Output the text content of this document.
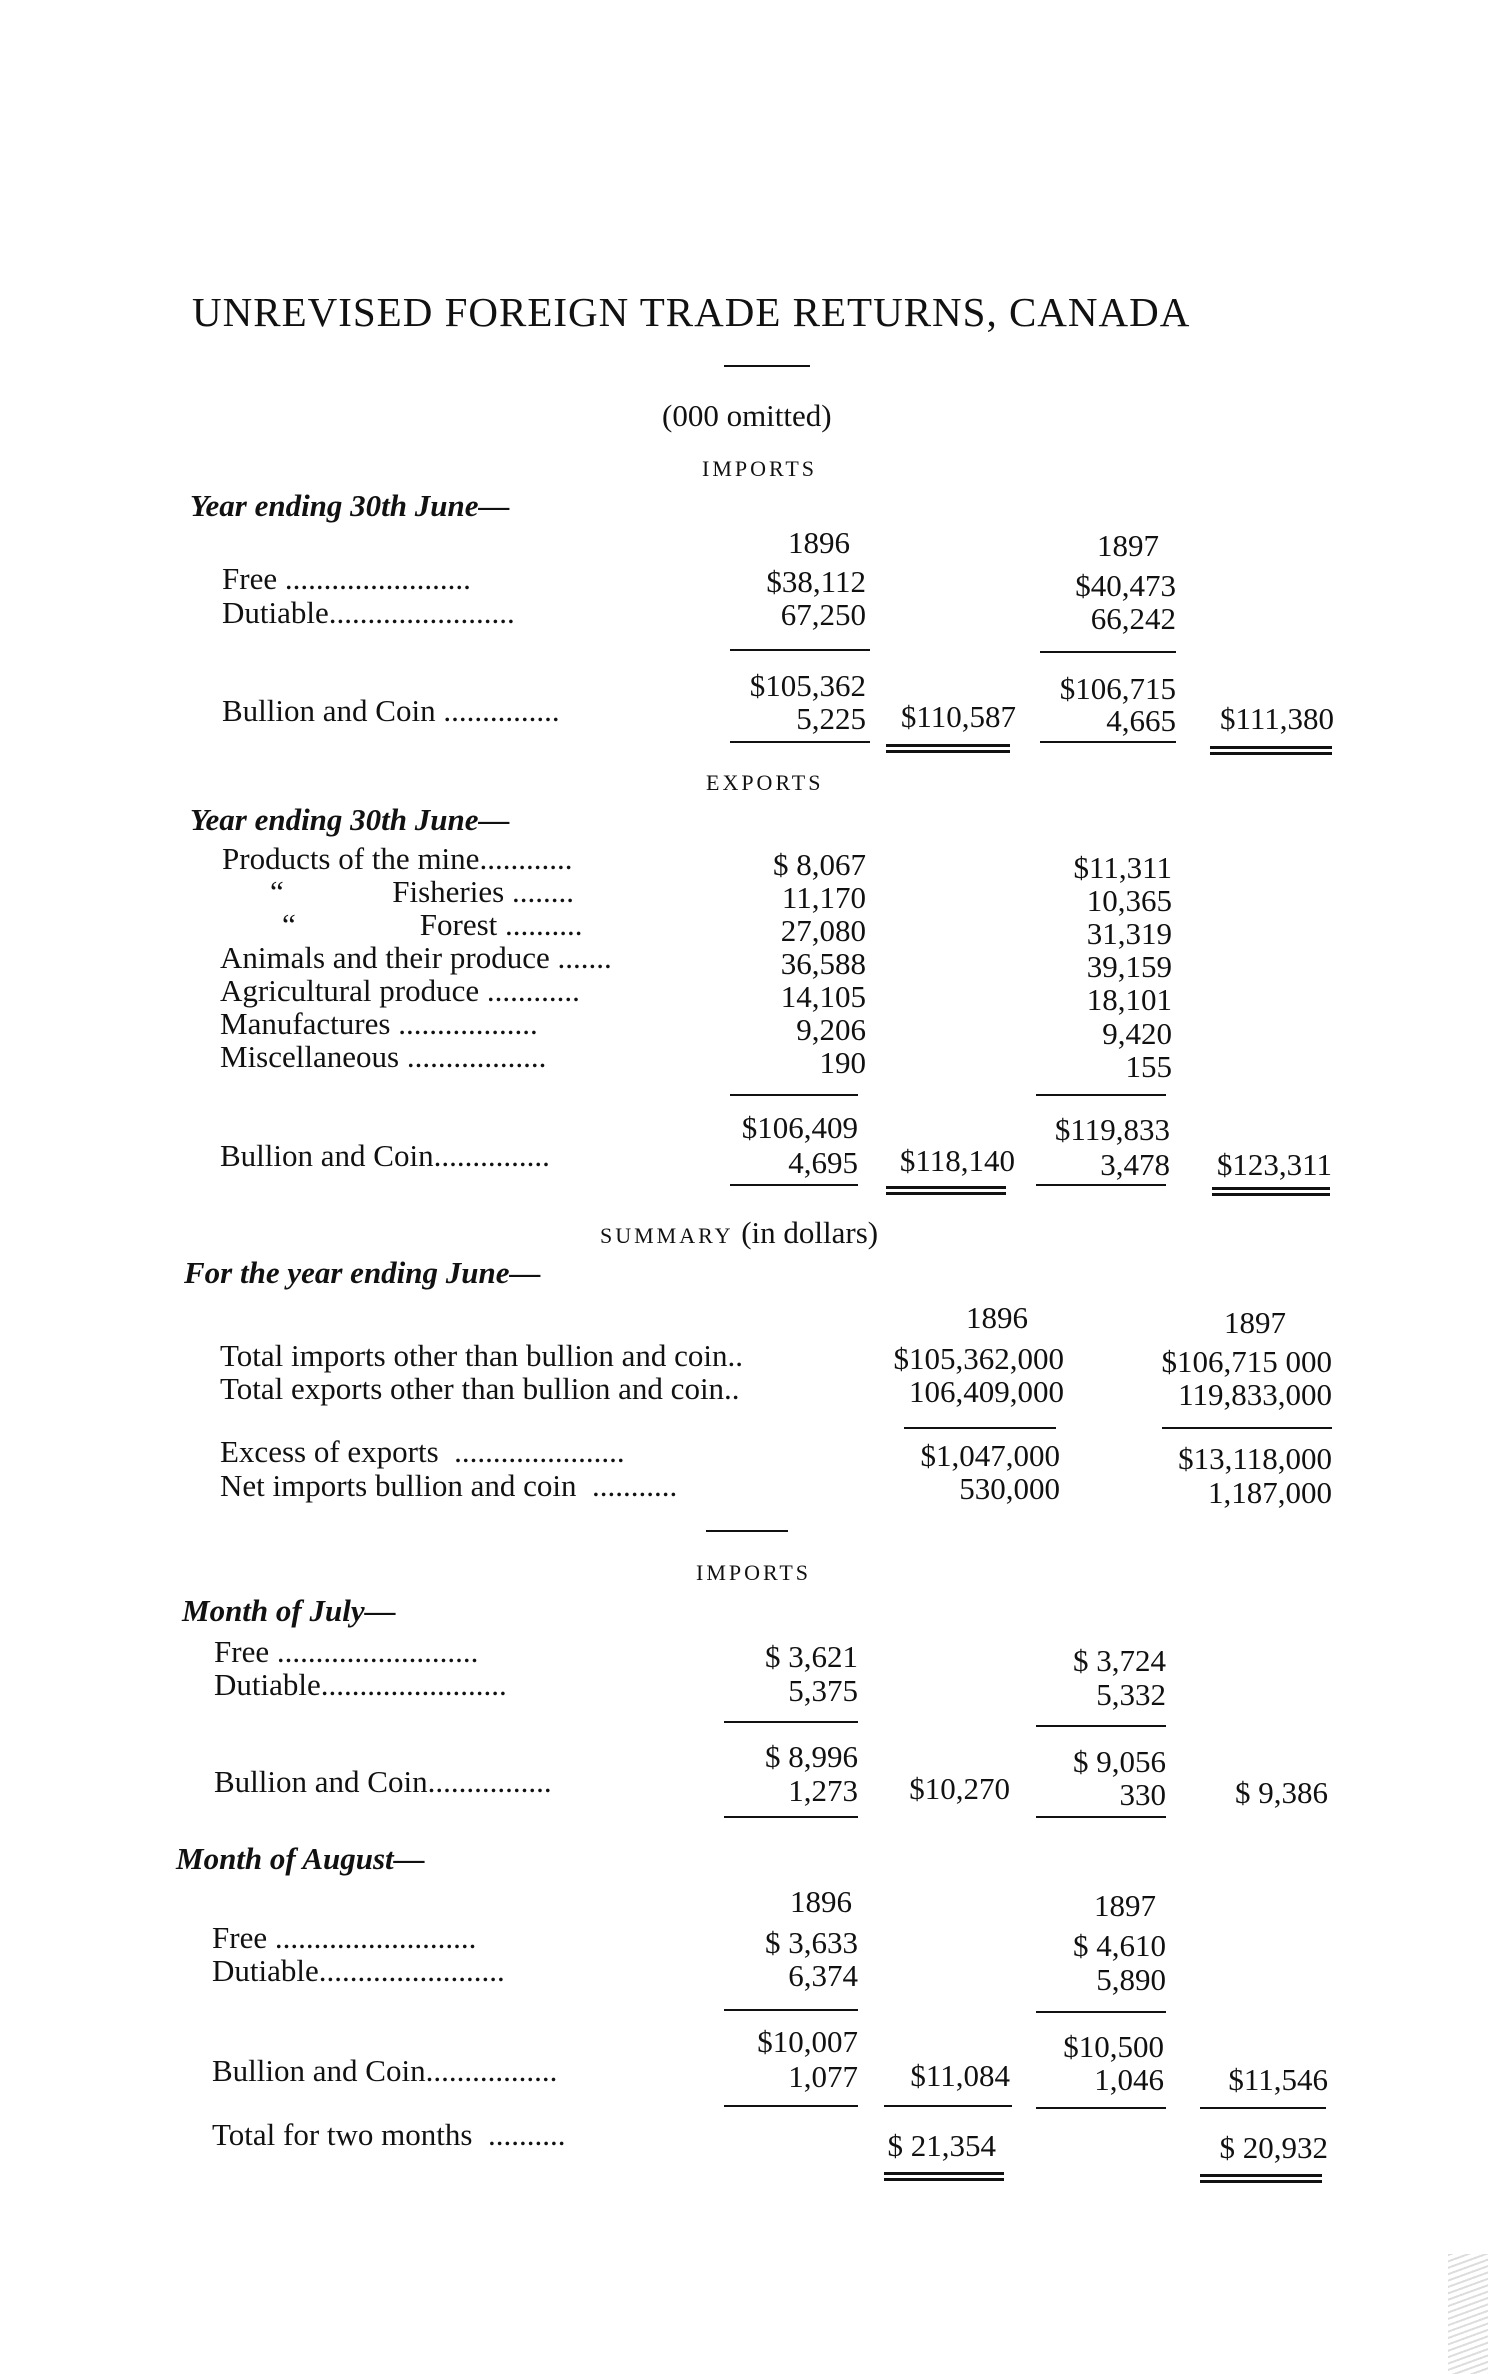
UNREVISED FOREIGN TRADE RETURNS, CANADA
(000 omitted)
IMPORTS
Year ending 30th June—
1896	1897
Free ........................	$38,112	$40,473
Dutiable........................	67,250	66,242
$105,362	$106,715
Bullion and Coin ...............	5,225	4,665
$110,587	$111,380
EXPORTS
Year ending 30th June—
Products of the mine............	$ 8,067	$11,311
“              Fisheries ........	11,170	10,365
“                Forest ..........	27,080	31,319
Animals and their produce .......	36,588	39,159
Agricultural produce ............	14,105	18,101
Manufactures ..................	9,206	9,420
Miscellaneous ..................	190	155
$106,409	$119,833
Bullion and Coin...............	4,695	3,478
$118,140	$123,311
SUMMARY (in dollars)
For the year ending June—
1896	1897
Total imports other than bullion and coin..	$105,362,000	$106,715 000
Total exports other than bullion and coin..	106,409,000	119,833,000
Excess of exports  ......................	$1,047,000	$13,118,000
Net imports bullion and coin  ...........	530,000	1,187,000
IMPORTS
Month of July—
Free ..........................	$ 3,621	$ 3,724
Dutiable........................	5,375	5,332
$ 8,996	$ 9,056
Bullion and Coin................	1,273	330
$10,270	$ 9,386
Month of August—
1896	1897
Free ..........................	$ 3,633	$ 4,610
Dutiable........................	6,374	5,890
$10,007	$10,500
Bullion and Coin.................	1,077	1,046
$11,084	$11,546
Total for two months  ..........	$ 21,354	$ 20,932
